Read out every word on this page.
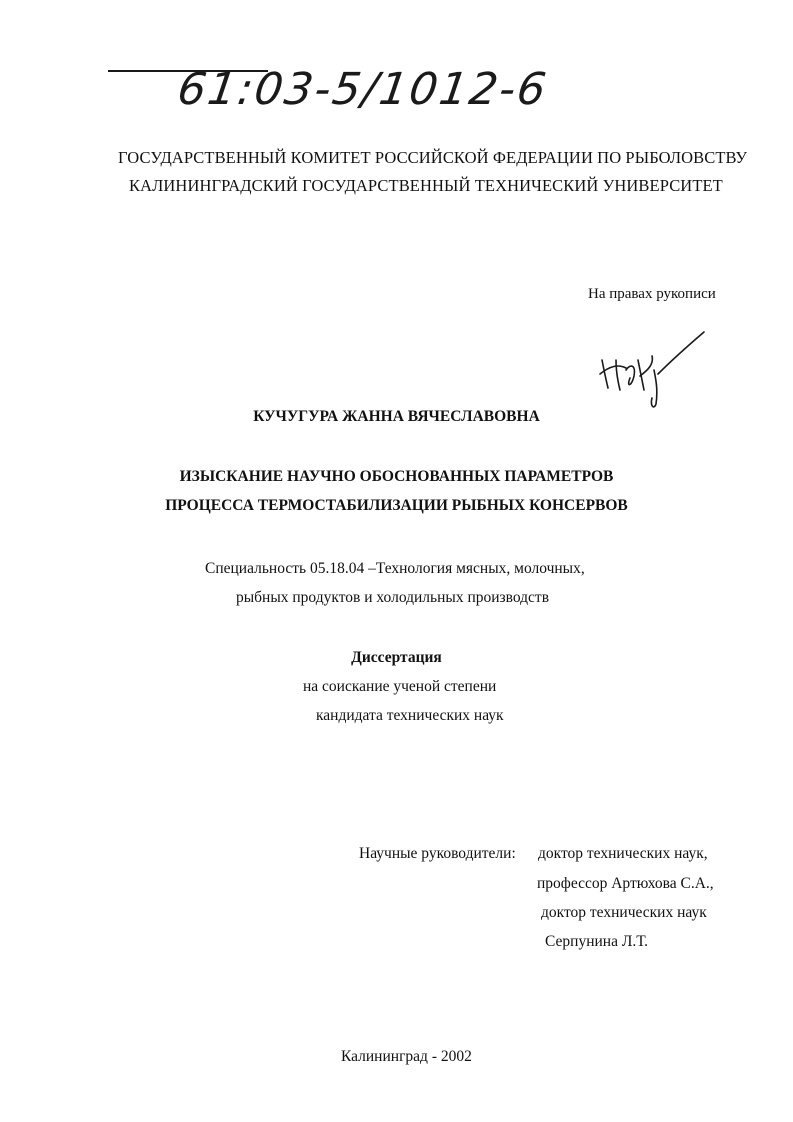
61:03-5/1012-6
ГОСУДАРСТВЕННЫЙ КОМИТЕТ РОССИЙСКОЙ ФЕДЕРАЦИИ ПО РЫБОЛОВСТВУ
КАЛИНИНГРАДСКИЙ ГОСУДАРСТВЕННЫЙ ТЕХНИЧЕСКИЙ УНИВЕРСИТЕТ
На правах рукописи
КУЧУГУРА ЖАННА ВЯЧЕСЛАВОВНА
ИЗЫСКАНИЕ НАУЧНО ОБОСНОВАННЫХ ПАРАМЕТРОВ
ПРОЦЕССА ТЕРМОСТАБИЛИЗАЦИИ РЫБНЫХ КОНСЕРВОВ
Специальность 05.18.04 –Технология мясных, молочных,
рыбных продуктов и холодильных производств
Диссертация
на соискание ученой степени
кандидата технических наук
Научные руководители: доктор технических наук,
профессор Артюхова С.А.,
доктор технических наук
Серпунина Л.Т.
Калининград - 2002
